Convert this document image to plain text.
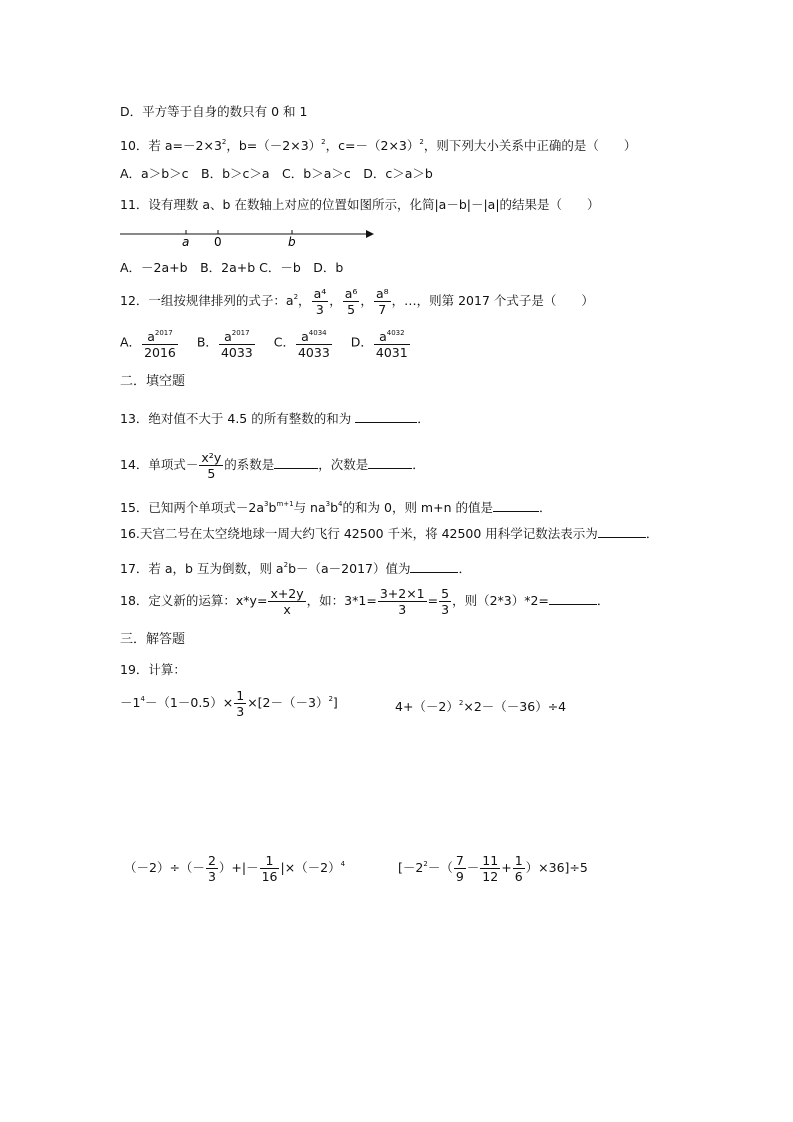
D．平方等于自身的数只有 0 和 1
10．若 $a=-2\times 3^2$，$b=(-2\times 3)^2$，$c=-(2\times 3)^2$，则下列大小关系中正确的是（　　）
A．a＞b＞c　B．b＞c＞a　C．b＞a＞c　D．c＞a＞b
11．设有理数 a、b 在数轴上对应的位置如图所示，化简|a－b|－|a|的结果是（　　）
a 0	b
A．－2a+b　B．2a+b C．－b　D．b
12．一组按规律排列的式子：$a^2$， $\frac{\text{a⁴}}{3}$ ， $\frac{\text{a⁶}}{5}$ ， $\frac{\text{a⁸}}{7}$ ，…，则第 2017 个式子是（　　）
A． $\frac{a^{2017}}{2016}$ B． $\frac{a^{2017}}{4033}$ C． $\frac{a^{4034}}{4033}$ D． $\frac{a^{4032}}{4031}$
二．填空题
13．绝对值不大于 4.5 的所有整数的和为	．
14．单项式－ $\frac{\text{x²y}}{5}$ 的系数是	，次数是	．
15．已知两个单项式$-2a^3b^{m+1}$与 $na^3b^4$的和为 0，则 m+n 的值是	．
16.天宫二号在太空绕地球一周大约飞行 42500 千米，将 42500 用科学记数法表示为	．
17．若 a，b 互为倒数，则 $a^2b-(a-2017)$值为	．
18．定义新的运算：$x*y= \frac{x+2y}{x}$ ，如：$3*1= \frac{3+2\times 1}{3} = \frac{5}{3}$ ，则（2*3）*2=	．
三．解答题
19．计算：
$-1^4-(1-0.5)\times \frac{1}{3} \times[2-(-3)^2]$	$4+(-2)^2\times 2-(-36)\div 4$
$(-2)\div(- \frac{2}{3}$ ）+|－ $\frac{1}{16} |\times(-2)^4$	$[-2^2-( \frac{7}{9} - \frac{11}{12} + \frac{1}{6} )\times 36]\div 5$
